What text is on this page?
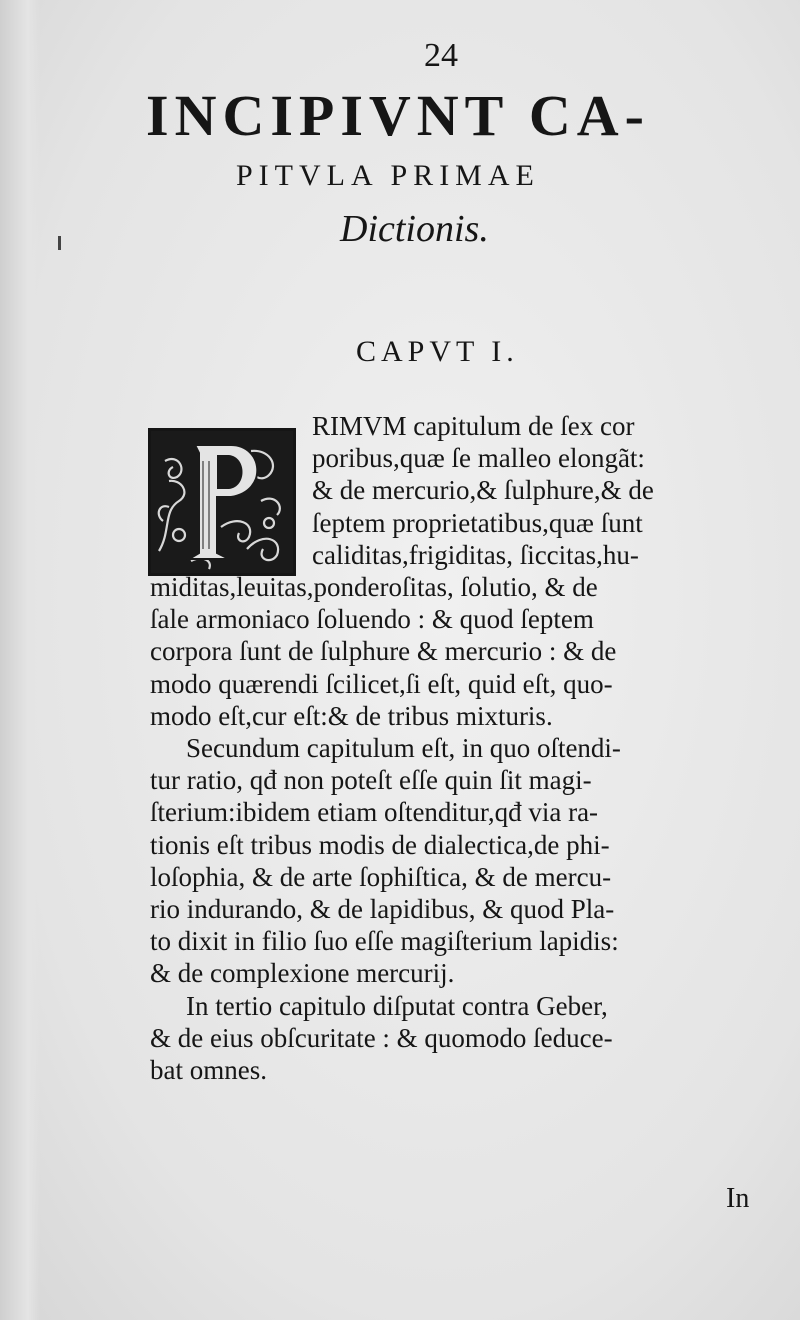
24
INCIPIVNT CA-
PITVLA PRIMAE
Dictionis.
CAPVT I.
RIMVM capitulum de ſex cor
poribus,quæ ſe malleo elongãt:
& de mercurio,& ſulphure,& de
ſeptem proprietatibus,quæ ſunt
caliditas,frigiditas, ſiccitas,hu-
miditas,leuitas,ponderoſitas, ſolutio, & de
ſale armoniaco ſoluendo : & quod ſeptem
corpora ſunt de ſulphure & mercurio : & de
modo quærendi ſcilicet,ſi eſt, quid eſt, quo-
modo eſt,cur eſt:& de tribus mixturis.
Secundum capitulum eſt, in quo oſtendi-
tur ratio, qđ non poteſt eſſe quin ſit magi-
ſterium:ibidem etiam oſtenditur,qđ via ra-
tionis eſt tribus modis de dialectica,de phi-
loſophia, & de arte ſophiſtica, & de mercu-
rio indurando, & de lapidibus, & quod Pla-
to dixit in filio ſuo eſſe magiſterium lapidis:
& de complexione mercurij.
In tertio capitulo diſputat contra Geber,
& de eius obſcuritate : & quomodo ſeduce-
bat omnes.
In
